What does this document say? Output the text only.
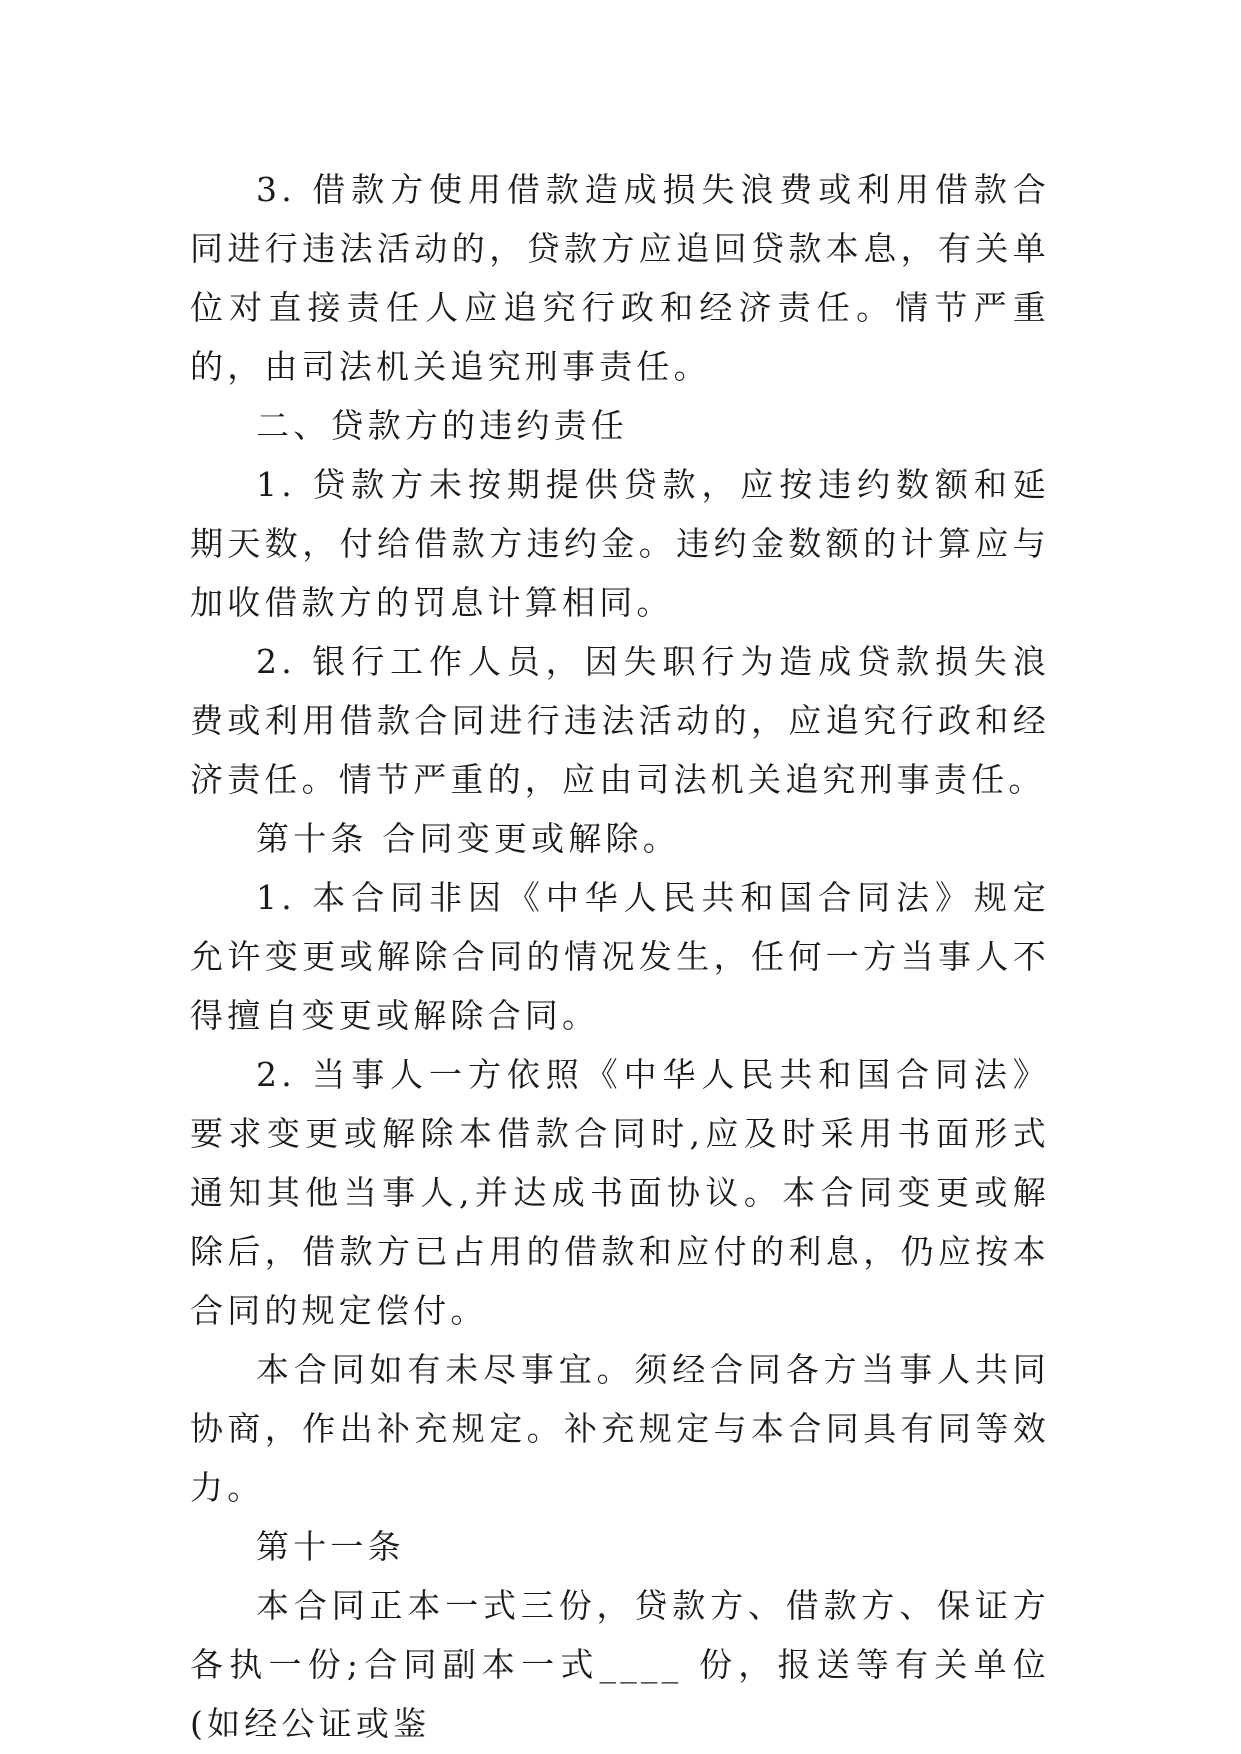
3. 借款方使用借款造成损失浪费或利用借款合同进行违法活动的，贷款方应追回贷款本息，有关单位对直接责任人应追究行政和经济责任。情节严重的，由司法机关追究刑事责任。

二、贷款方的违约责任

1. 贷款方未按期提供贷款，应按违约数额和延期天数，付给借款方违约金。违约金数额的计算应与加收借款方的罚息计算相同。

2. 银行工作人员，因失职行为造成贷款损失浪费或利用借款合同进行违法活动的，应追究行政和经济责任。情节严重的，应由司法机关追究刑事责任。

第十条 合同变更或解除。

1. 本合同非因《中华人民共和国合同法》规定允许变更或解除合同的情况发生，任何一方当事人不得擅自变更或解除合同。

2. 当事人一方依照《中华人民共和国合同法》要求变更或解除本借款合同时,应及时采用书面形式通知其他当事人,并达成书面协议。本合同变更或解除后，借款方已占用的借款和应付的利息，仍应按本合同的规定偿付。

本合同如有未尽事宜。须经合同各方当事人共同协商，作出补充规定。补充规定与本合同具有同等效力。

第十一条

本合同正本一式三份，贷款方、借款方、保证方各执一份;合同副本一式____ 份，报送等有关单位(如经公证或鉴
